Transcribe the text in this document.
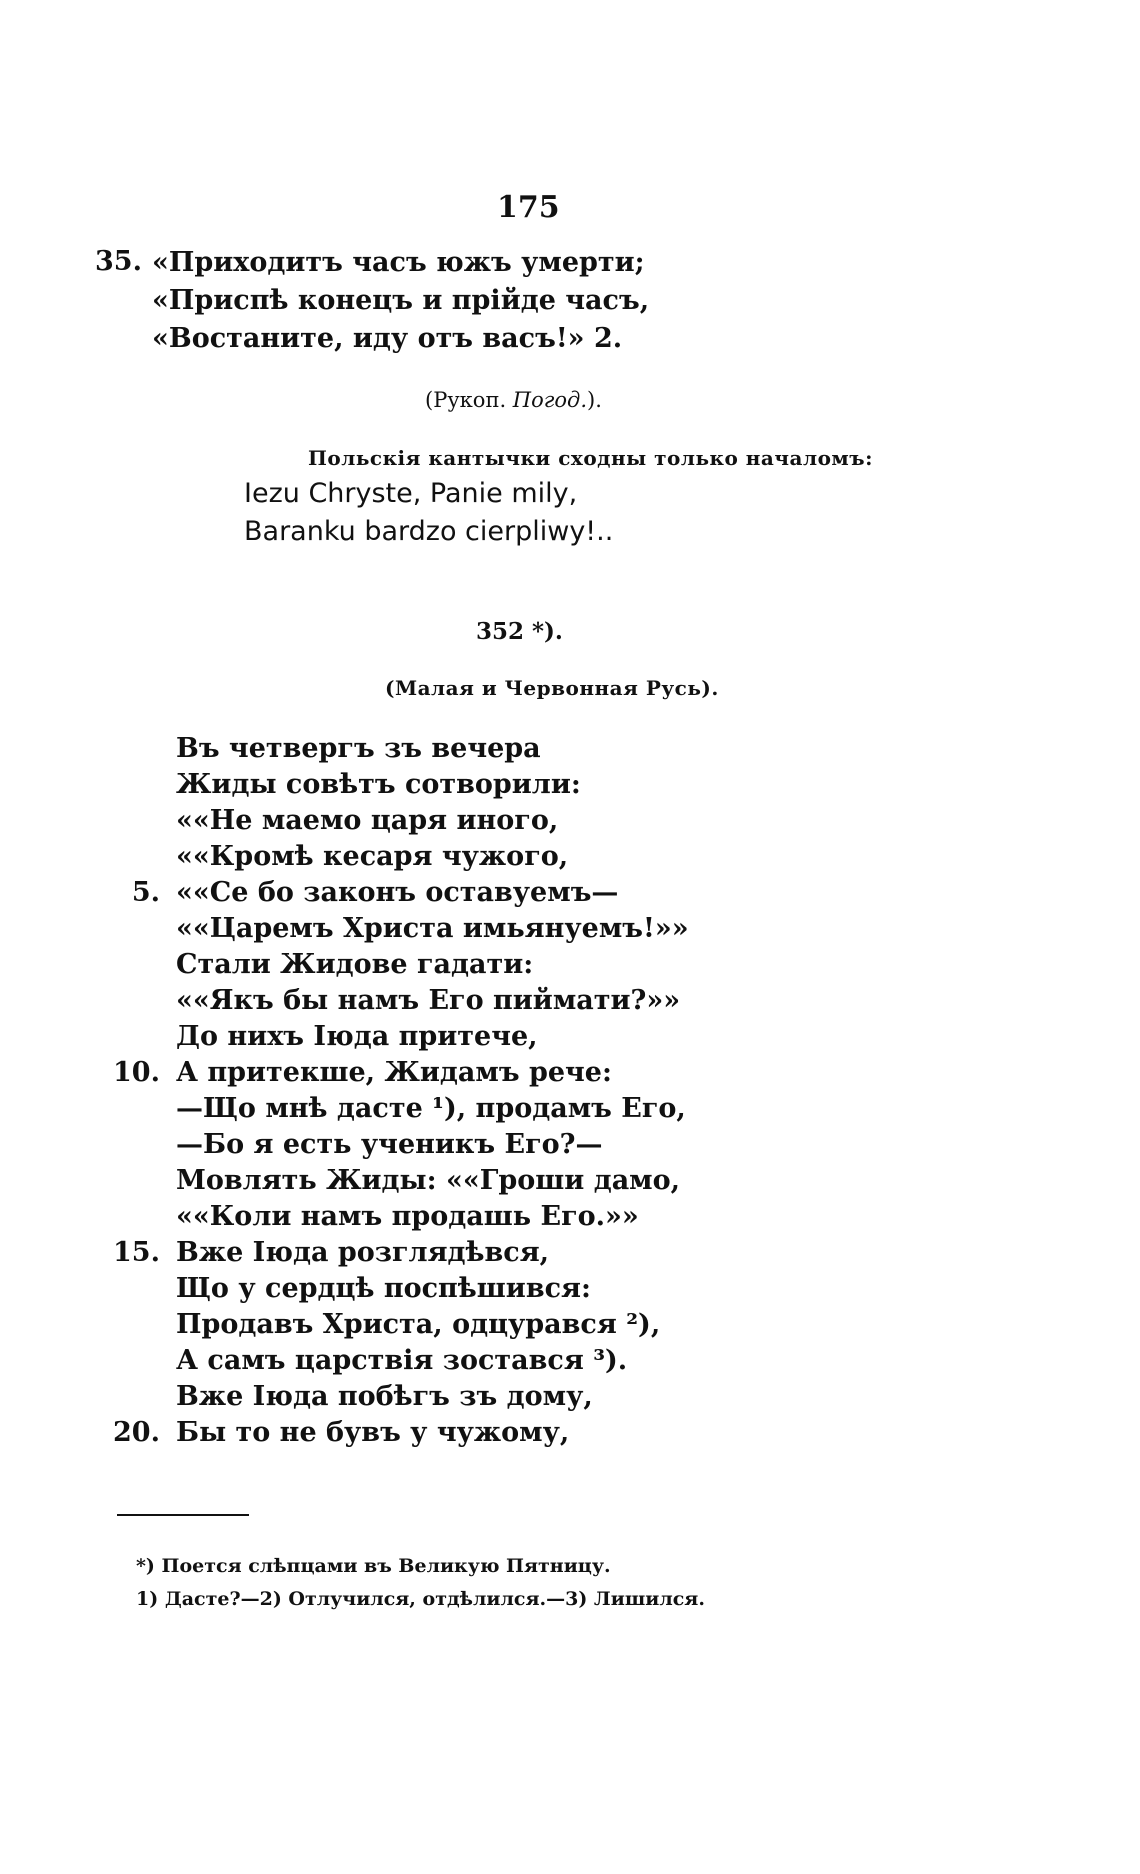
175
35. «Приходитъ часъ южъ умерти;
«Приспѣ конецъ и прiйде часъ,
«Востаните, иду отъ васъ!» 2.
(Рукоп. Погод.).
Польскiя кантычки сходны только началомъ:
Iezu Chryste, Panie mily,
Baranku bardzo cierpliwy!..
352 *).
(Малая и Червонная Русь).
Въ четвергъ зъ вечера
Жиды совѣтъ сотворили:
««Не маемо царя иного,
««Кромѣ кесаря чужого,
5. ««Се бо законъ оставуемъ—
««Царемъ Христа имьянуемъ!»»
Стали Жидове гадати:
««Якъ бы намъ Его пиймати?»»
До нихъ Iюда притече,
10. А притекше, Жидамъ рече:
—Що мнѣ дасте ¹), продамъ Его,
—Бо я есть ученикъ Его?—
Мовлять Жиды: ««Гроши дамо,
««Коли намъ продашь Его.»»
15. Вже Iюда розглядѣвся,
Що у сердцѣ поспѣшився:
Продавъ Христа, одцурався ²),
А самъ царствiя зостався ³).
Вже Iюда побѣгъ зъ дому,
20. Бы то не бувъ у чужому,
*) Поется слѣпцами въ Великую Пятницу.
1) Дасте?—2) Отлучился, отдѣлился.—3) Лишился.
